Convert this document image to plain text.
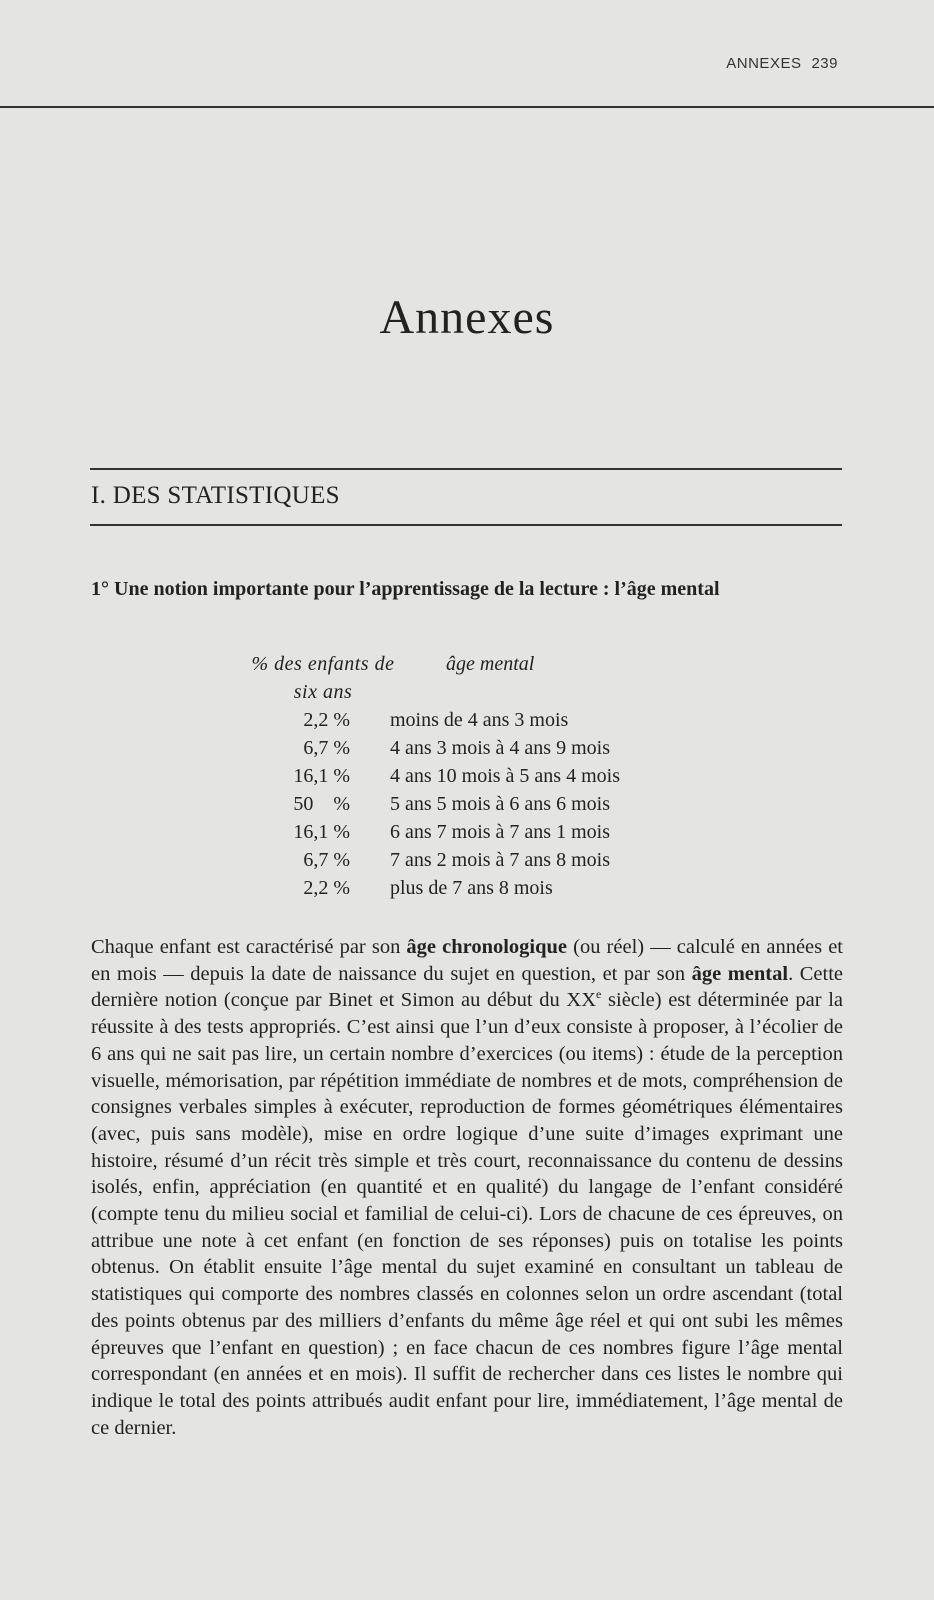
ANNEXES 239
Annexes
I. DES STATISTIQUES
1° Une notion importante pour l’apprentissage de la lecture : l’âge mental
% des enfants de six ans
âge mental
2,2 % moins de 4 ans 3 mois
6,7 % 4 ans 3 mois à 4 ans 9 mois
16,1 % 4 ans 10 mois à 5 ans 4 mois
50    % 5 ans 5 mois à 6 ans 6 mois
16,1 % 6 ans 7 mois à 7 ans 1 mois
6,7 % 7 ans 2 mois à 7 ans 8 mois
2,2 % plus de 7 ans 8 mois

Chaque enfant est caractérisé par son âge chronologique (ou réel) — calculé en années et en mois — depuis la date de naissance du sujet en question, et par son âge mental. Cette dernière notion (conçue par Binet et Simon au début du XXe siècle) est déterminée par la réussite à des tests appropriés. C’est ainsi que l’un d’eux consiste à proposer, à l’écolier de 6 ans qui ne sait pas lire, un certain nombre d’exercices (ou items) : étude de la perception visuelle, mémorisation, par répétition immédiate de nombres et de mots, compréhension de consignes verbales simples à exécuter, reproduction de formes géométriques élémentaires (avec, puis sans modèle), mise en ordre logique d’une suite d’images exprimant une histoire, résumé d’un récit très simple et très court, reconnaissance du contenu de dessins isolés, enfin, appréciation (en quantité et en qualité) du langage de l’enfant considéré (compte tenu du milieu social et familial de celui-ci). Lors de chacune de ces épreuves, on attribue une note à cet enfant (en fonction de ses réponses) puis on totalise les points obtenus. On établit ensuite l’âge mental du sujet examiné en consultant un tableau de statistiques qui comporte des nombres classés en colonnes selon un ordre ascendant (total des points obtenus par des milliers d’enfants du même âge réel et qui ont subi les mêmes épreuves que l’enfant en question) ; en face chacun de ces nombres figure l’âge mental correspondant (en années et en mois). Il suffit de rechercher dans ces listes le nombre qui indique le total des points attribués audit enfant pour lire, immédiatement, l’âge mental de ce dernier.
